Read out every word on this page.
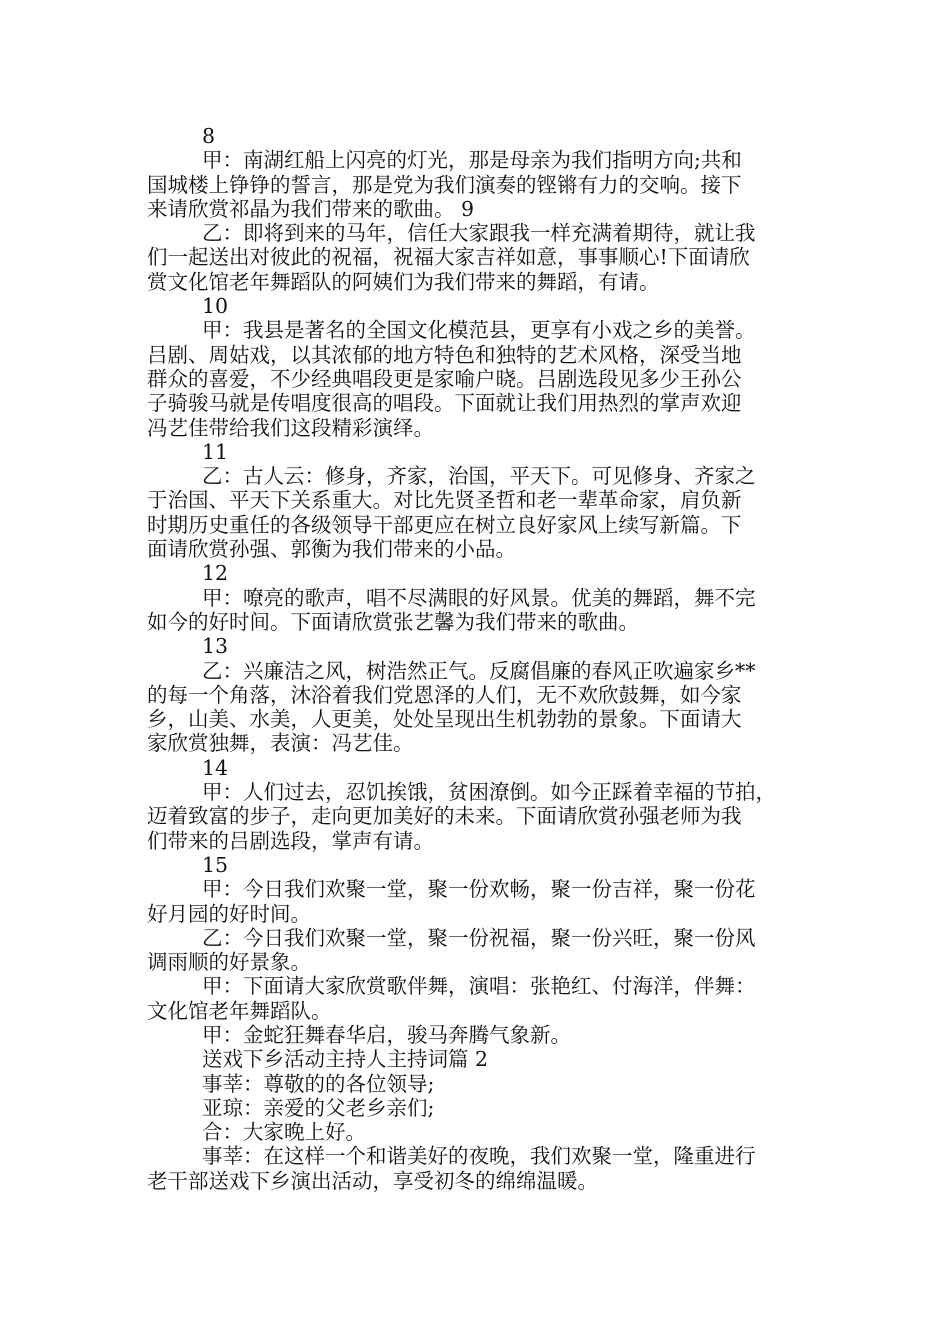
8
甲：南湖红船上闪亮的灯光，那是母亲为我们指明方向;共和
国城楼上铮铮的誓言，那是党为我们演奏的铿锵有力的交响。接下
来请欣赏祁晶为我们带来的歌曲。 9
乙：即将到来的马年，信任大家跟我一样充满着期待，就让我
们一起送出对彼此的祝福，祝福大家吉祥如意，事事顺心!下面请欣
赏文化馆老年舞蹈队的阿姨们为我们带来的舞蹈，有请。
10
甲：我县是著名的全国文化模范县，更享有小戏之乡的美誉。
吕剧、周姑戏，以其浓郁的地方特色和独特的艺术风格，深受当地
群众的喜爱，不少经典唱段更是家喻户晓。吕剧选段见多少王孙公
子骑骏马就是传唱度很高的唱段。下面就让我们用热烈的掌声欢迎
冯艺佳带给我们这段精彩演绎。
11
乙：古人云：修身，齐家，治国，平天下。可见修身、齐家之
于治国、平天下关系重大。对比先贤圣哲和老一辈革命家，肩负新
时期历史重任的各级领导干部更应在树立良好家风上续写新篇。下
面请欣赏孙强、郭衡为我们带来的小品。
12
甲：嘹亮的歌声，唱不尽满眼的好风景。优美的舞蹈，舞不完
如今的好时间。下面请欣赏张艺馨为我们带来的歌曲。
13
乙：兴廉洁之风，树浩然正气。反腐倡廉的春风正吹遍家乡**
的每一个角落，沐浴着我们党恩泽的人们，无不欢欣鼓舞，如今家
乡，山美、水美，人更美，处处呈现出生机勃勃的景象。下面请大
家欣赏独舞，表演：冯艺佳。
14
甲：人们过去，忍饥挨饿，贫困潦倒。如今正踩着幸福的节拍，
迈着致富的步子，走向更加美好的未来。下面请欣赏孙强老师为我
们带来的吕剧选段，掌声有请。
15
甲：今日我们欢聚一堂，聚一份欢畅，聚一份吉祥，聚一份花
好月园的好时间。
乙：今日我们欢聚一堂，聚一份祝福，聚一份兴旺，聚一份风
调雨顺的好景象。
甲：下面请大家欣赏歌伴舞，演唱：张艳红、付海洋，伴舞：
文化馆老年舞蹈队。
甲：金蛇狂舞春华启，骏马奔腾气象新。
送戏下乡活动主持人主持词篇 2
事莘：尊敬的的各位领导;
亚琼：亲爱的父老乡亲们;
合：大家晚上好。
事莘：在这样一个和谐美好的夜晚，我们欢聚一堂，隆重进行
老干部送戏下乡演出活动，享受初冬的绵绵温暖。
